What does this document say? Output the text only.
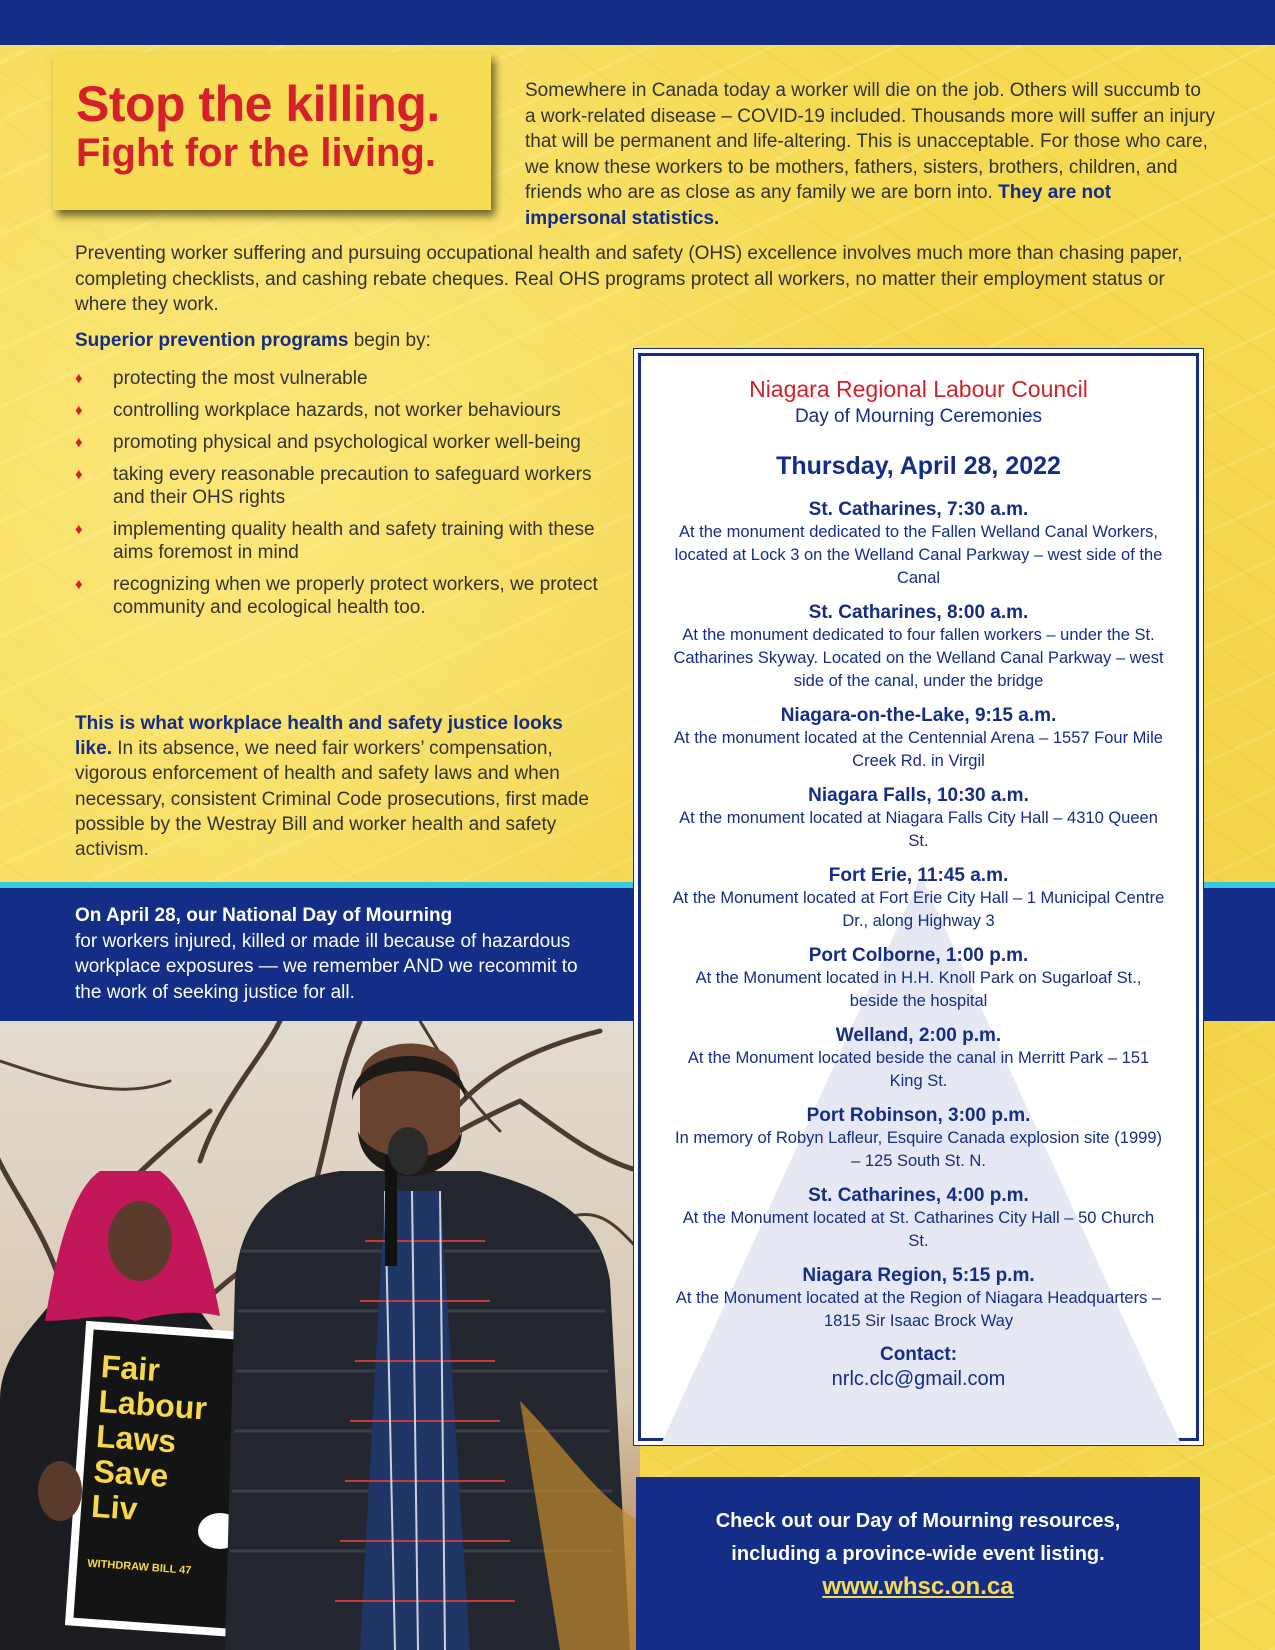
Stop the killing.
Fight for the living.

Somewhere in Canada today a worker will die on the job. Others will succumb to a work-related disease – COVID-19 included. Thousands more will suffer an injury that will be permanent and life-altering. This is unacceptable. For those who care, we know these workers to be mothers, fathers, sisters, brothers, children, and friends who are as close as any family we are born into. They are not impersonal statistics.

Preventing worker suffering and pursuing occupational health and safety (OHS) excellence involves much more than chasing paper, completing checklists, and cashing rebate cheques. Real OHS programs protect all workers, no matter their employment status or where they work.

Superior prevention programs begin by:

♦	protecting the most vulnerable
♦	controlling workplace hazards, not worker behaviours
♦	promoting physical and psychological worker well-being
♦	taking every reasonable precaution to safeguard workers and their OHS rights
♦	implementing quality health and safety training with these aims foremost in mind
♦	recognizing when we properly protect workers, we protect community and ecological health too.

This is what workplace health and safety justice looks like. In its absence, we need fair workers’ compensation, vigorous enforcement of health and safety laws and when necessary, consistent Criminal Code prosecutions, first made possible by the Westray Bill and worker health and safety activism.

On April 28, our National Day of Mourning
for workers injured, killed or made ill because of hazardous workplace exposures — we remember AND we recommit to the work of seeking justice for all.

Fair
Labour
Laws
Save
Liv
WITHDRAW BILL 47
Niagara Regional Labour Council
Day of Mourning Ceremonies
Thursday, April 28, 2022
St. Catharines, 7:30 a.m.
At the monument dedicated to the Fallen Welland Canal Workers, located at Lock 3 on the Welland Canal Parkway – west side of the Canal
St. Catharines, 8:00 a.m.
At the monument dedicated to four fallen workers – under the St. Catharines Skyway. Located on the Welland Canal Parkway – west side of the canal, under the bridge
Niagara-on-the-Lake, 9:15 a.m.
At the monument located at the Centennial Arena – 1557 Four Mile Creek Rd. in Virgil
Niagara Falls, 10:30 a.m.
At the monument located at Niagara Falls City Hall – 4310 Queen St.
Fort Erie, 11:45 a.m.
At the Monument located at Fort Erie City Hall – 1 Municipal Centre Dr., along Highway 3
Port Colborne, 1:00 p.m.
At the Monument located in H.H. Knoll Park on Sugarloaf St., beside the hospital
Welland, 2:00 p.m.
At the Monument located beside the canal in Merritt Park – 151 King St.
Port Robinson, 3:00 p.m.
In memory of Robyn Lafleur, Esquire Canada explosion site (1999) – 125 South St. N.
St. Catharines, 4:00 p.m.
At the Monument located at St. Catharines City Hall – 50 Church St.
Niagara Region, 5:15 p.m.
At the Monument located at the Region of Niagara Headquarters – 1815 Sir Isaac Brock Way
Contact:
nrlc.clc@gmail.com
Check out our Day of Mourning resources,
including a province-wide event listing.
www.whsc.on.ca
